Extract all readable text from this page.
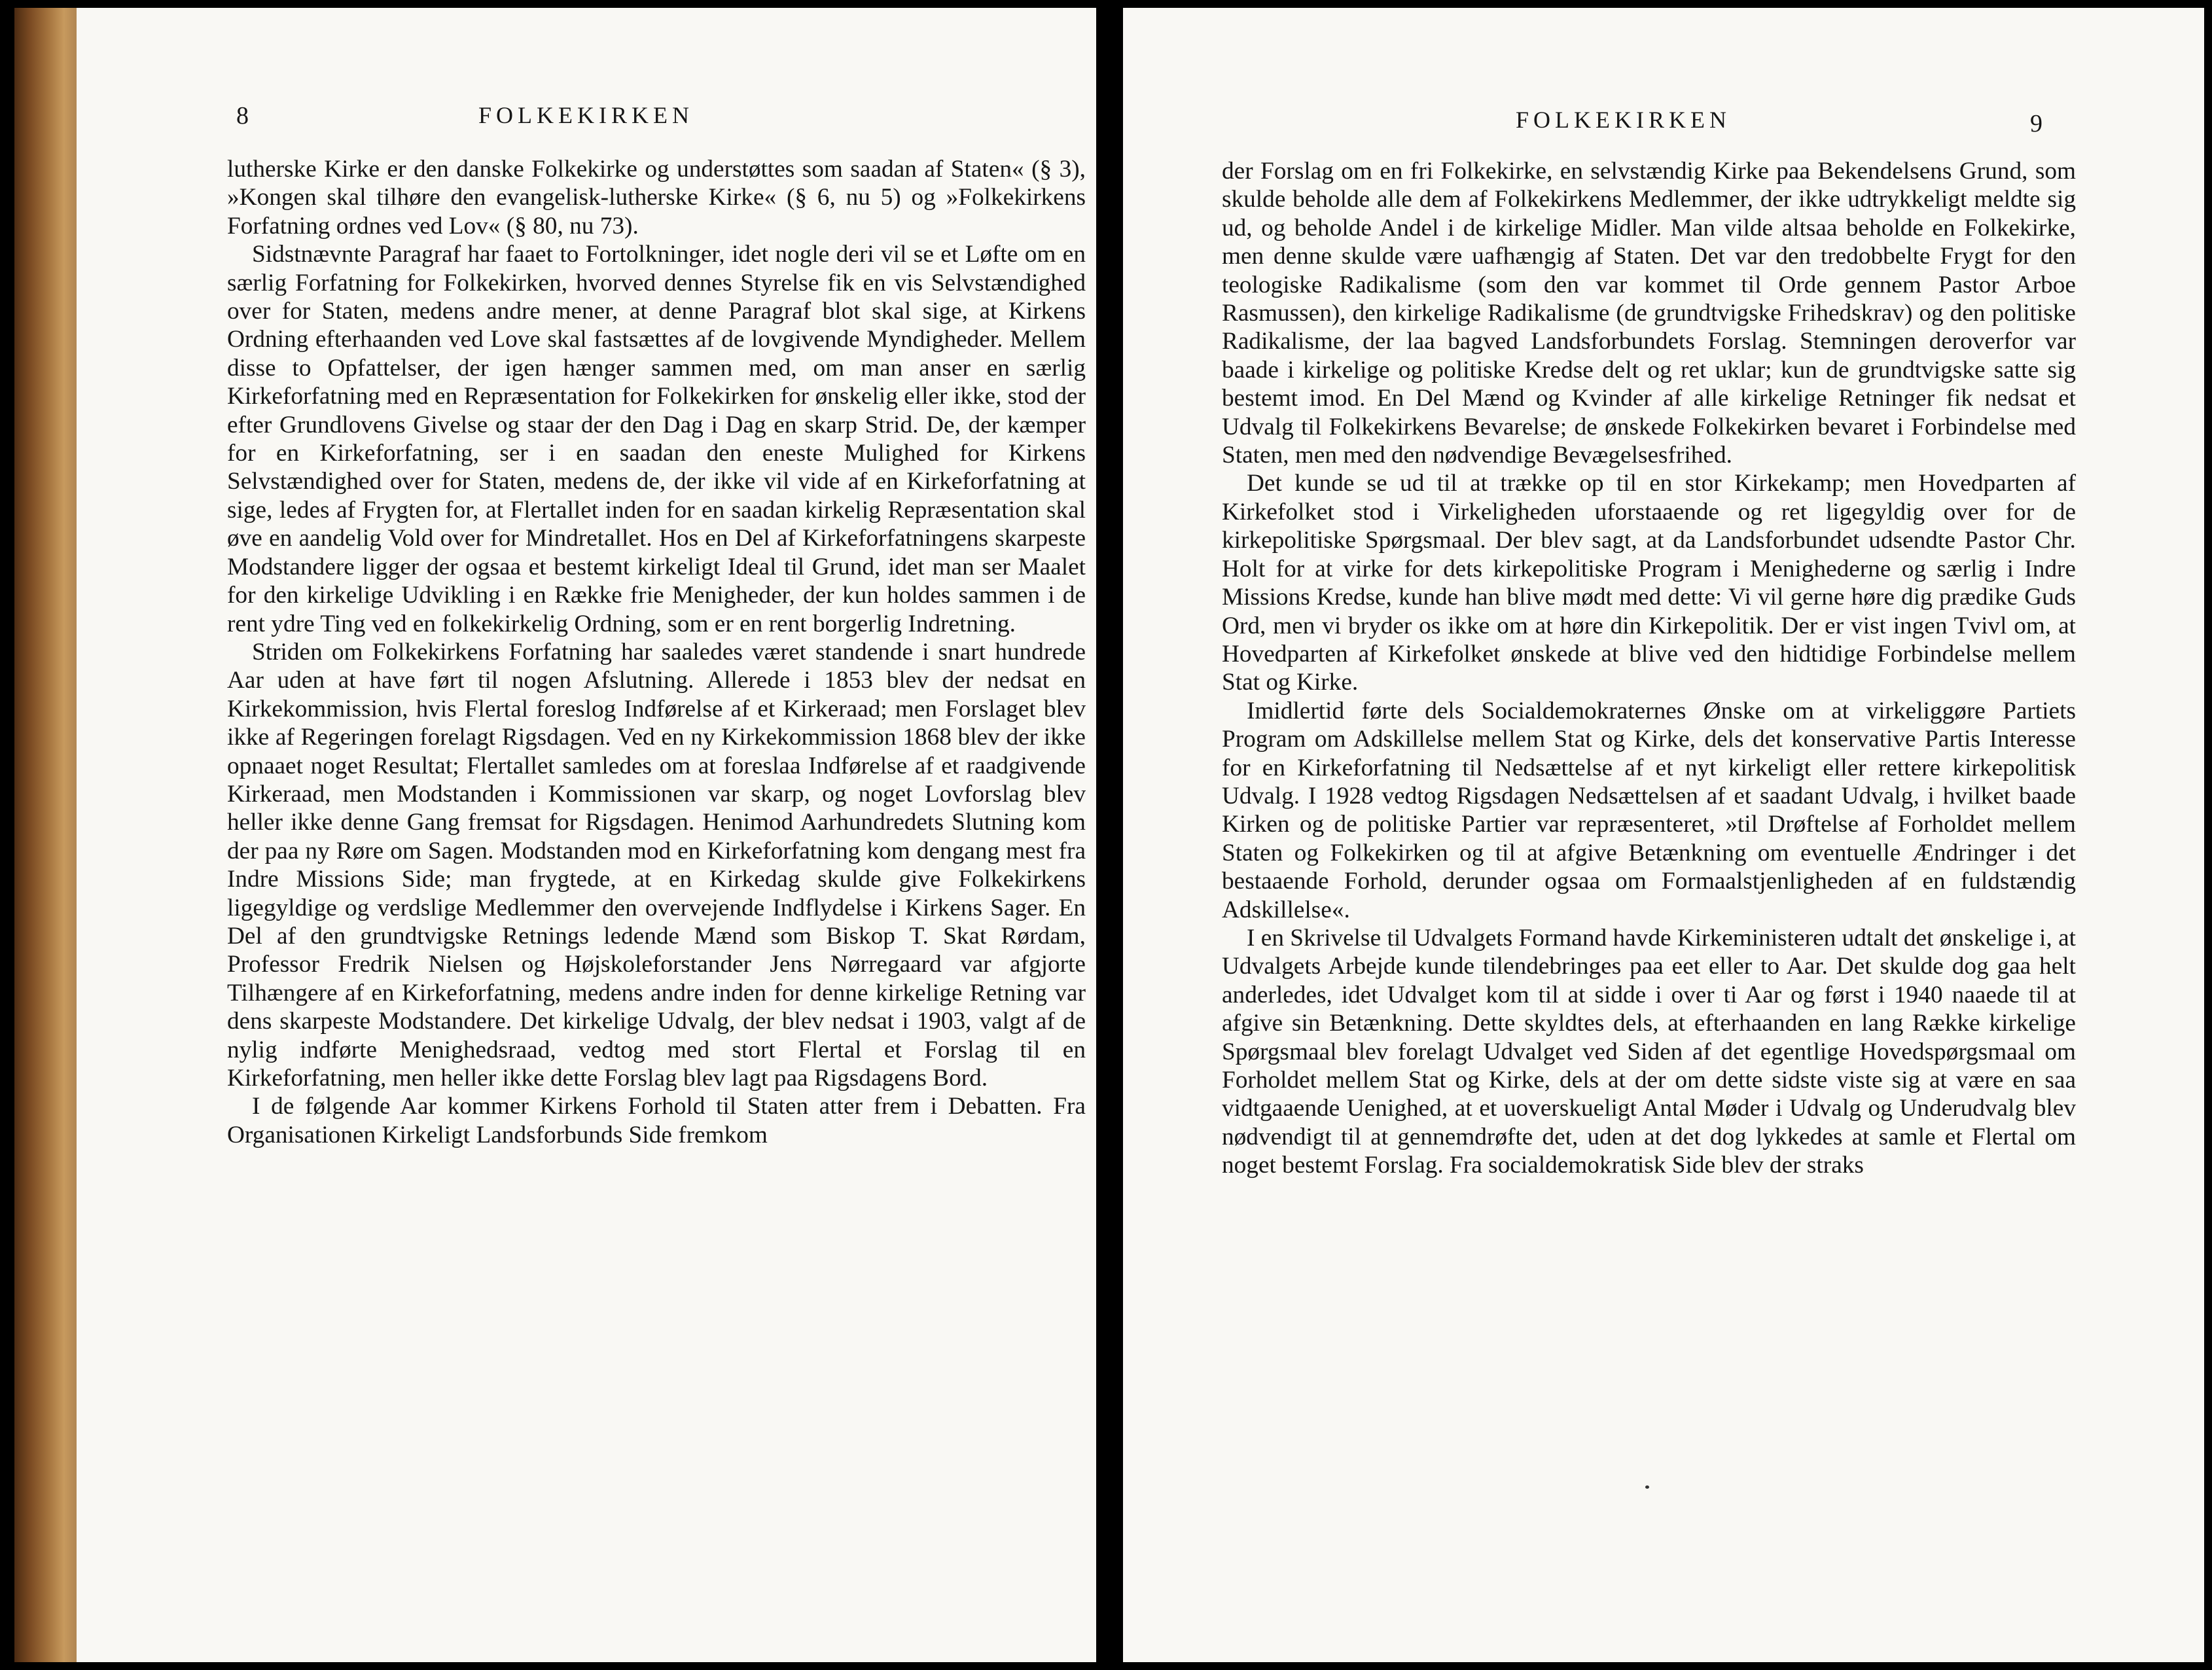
8	FOLKEKIRKEN

lutherske Kirke er den danske Folkekirke og understøttes som saadan af Staten« (§ 3), »Kongen skal tilhøre den evangelisk-lutherske Kirke« (§ 6, nu 5) og »Folkekirkens Forfatning ordnes ved Lov« (§ 80, nu 73).

Sidstnævnte Paragraf har faaet to Fortolkninger, idet nogle deri vil se et Løfte om en særlig Forfatning for Folkekirken, hvorved dennes Styrelse fik en vis Selvstændighed over for Staten, medens andre mener, at denne Paragraf blot skal sige, at Kirkens Ordning efterhaanden ved Love skal fastsættes af de lovgivende Myndigheder. Mellem disse to Opfattelser, der igen hænger sammen med, om man anser en særlig Kirkeforfatning med en Repræsentation for Folkekirken for ønskelig eller ikke, stod der efter Grundlovens Givelse og staar der den Dag i Dag en skarp Strid. De, der kæmper for en Kirkeforfatning, ser i en saadan den eneste Mulighed for Kirkens Selvstændighed over for Staten, medens de, der ikke vil vide af en Kirkeforfatning at sige, ledes af Frygten for, at Flertallet inden for en saadan kirkelig Repræsentation skal øve en aandelig Vold over for Mindretallet. Hos en Del af Kirkeforfatningens skarpeste Modstandere ligger der ogsaa et bestemt kirkeligt Ideal til Grund, idet man ser Maalet for den kirkelige Udvikling i en Række frie Menigheder, der kun holdes sammen i de rent ydre Ting ved en folkekirkelig Ordning, som er en rent borgerlig Indretning.

Striden om Folkekirkens Forfatning har saaledes været standende i snart hundrede Aar uden at have ført til nogen Afslutning. Allerede i 1853 blev der nedsat en Kirkekommission, hvis Flertal foreslog Indførelse af et Kirkeraad; men Forslaget blev ikke af Regeringen forelagt Rigsdagen. Ved en ny Kirkekommission 1868 blev der ikke opnaaet noget Resultat; Flertallet samledes om at foreslaa Indførelse af et raadgivende Kirkeraad, men Modstanden i Kommissionen var skarp, og noget Lovforslag blev heller ikke denne Gang fremsat for Rigsdagen. Henimod Aarhundredets Slutning kom der paa ny Røre om Sagen. Modstanden mod en Kirkeforfatning kom dengang mest fra Indre Missions Side; man frygtede, at en Kirkedag skulde give Folkekirkens ligegyldige og verdslige Medlemmer den overvejende Indflydelse i Kirkens Sager. En Del af den grundtvigske Retnings ledende Mænd som Biskop T. Skat Rørdam, Professor Fredrik Nielsen og Højskoleforstander Jens Nørregaard var afgjorte Tilhængere af en Kirkeforfatning, medens andre inden for denne kirkelige Retning var dens skarpeste Modstandere. Det kirkelige Udvalg, der blev nedsat i 1903, valgt af de nylig indførte Menighedsraad, vedtog med stort Flertal et Forslag til en Kirkeforfatning, men heller ikke dette Forslag blev lagt paa Rigsdagens Bord.

I de følgende Aar kommer Kirkens Forhold til Staten atter frem i Debatten. Fra Organisationen Kirkeligt Landsforbunds Side fremkom

FOLKEKIRKEN	9

der Forslag om en fri Folkekirke, en selvstændig Kirke paa Bekendelsens Grund, som skulde beholde alle dem af Folkekirkens Medlemmer, der ikke udtrykkeligt meldte sig ud, og beholde Andel i de kirkelige Midler. Man vilde altsaa beholde en Folkekirke, men denne skulde være uafhængig af Staten. Det var den tredobbelte Frygt for den teologiske Radikalisme (som den var kommet til Orde gennem Pastor Arboe Rasmussen), den kirkelige Radikalisme (de grundtvigske Frihedskrav) og den politiske Radikalisme, der laa bagved Landsforbundets Forslag. Stemningen deroverfor var baade i kirkelige og politiske Kredse delt og ret uklar; kun de grundtvigske satte sig bestemt imod. En Del Mænd og Kvinder af alle kirkelige Retninger fik nedsat et Udvalg til Folkekirkens Bevarelse; de ønskede Folkekirken bevaret i Forbindelse med Staten, men med den nødvendige Bevægelsesfrihed.

Det kunde se ud til at trække op til en stor Kirkekamp; men Hovedparten af Kirkefolket stod i Virkeligheden uforstaaende og ret ligegyldig over for de kirkepolitiske Spørgsmaal. Der blev sagt, at da Landsforbundet udsendte Pastor Chr. Holt for at virke for dets kirkepolitiske Program i Menighederne og særlig i Indre Missions Kredse, kunde han blive mødt med dette: Vi vil gerne høre dig prædike Guds Ord, men vi bryder os ikke om at høre din Kirkepolitik. Der er vist ingen Tvivl om, at Hovedparten af Kirkefolket ønskede at blive ved den hidtidige Forbindelse mellem Stat og Kirke.

Imidlertid førte dels Socialdemokraternes Ønske om at virkeliggøre Partiets Program om Adskillelse mellem Stat og Kirke, dels det konservative Partis Interesse for en Kirkeforfatning til Nedsættelse af et nyt kirkeligt eller rettere kirkepolitisk Udvalg. I 1928 vedtog Rigsdagen Nedsættelsen af et saadant Udvalg, i hvilket baade Kirken og de politiske Partier var repræsenteret, »til Drøftelse af Forholdet mellem Staten og Folkekirken og til at afgive Betænkning om eventuelle Ændringer i det bestaaende Forhold, derunder ogsaa om Formaalstjenligheden af en fuldstændig Adskillelse«.

I en Skrivelse til Udvalgets Formand havde Kirkeministeren udtalt det ønskelige i, at Udvalgets Arbejde kunde tilendebringes paa eet eller to Aar. Det skulde dog gaa helt anderledes, idet Udvalget kom til at sidde i over ti Aar og først i 1940 naaede til at afgive sin Betænkning. Dette skyldtes dels, at efterhaanden en lang Række kirkelige Spørgsmaal blev forelagt Udvalget ved Siden af det egentlige Hovedspørgsmaal om Forholdet mellem Stat og Kirke, dels at der om dette sidste viste sig at være en saa vidtgaaende Uenighed, at et uoverskueligt Antal Møder i Udvalg og Underudvalg blev nødvendigt til at gennemdrøfte det, uden at det dog lykkedes at samle et Flertal om noget bestemt Forslag. Fra socialdemokratisk Side blev der straks
